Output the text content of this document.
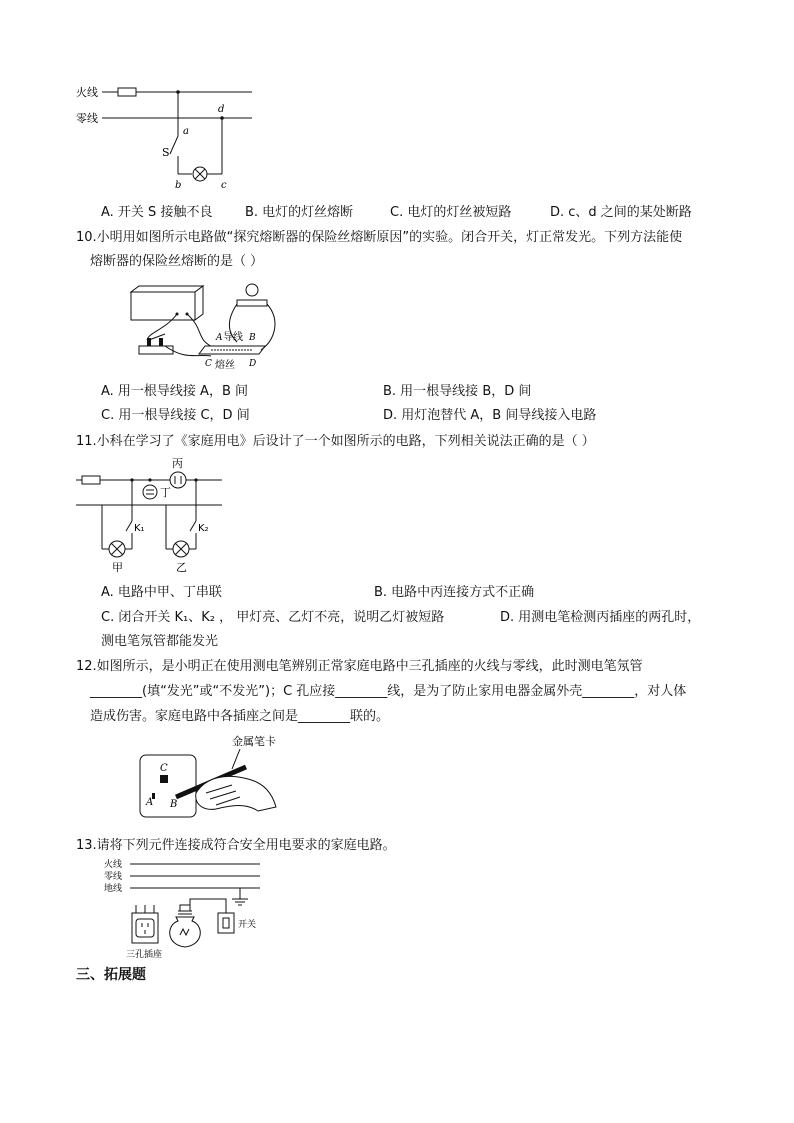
火线
零线
a
d
S
b	c
A. 开关 S 接触不良	B. 电灯的灯丝熔断	C. 电灯的灯丝被短路	D. c、d 之间的某处断路
10.小明用如图所示电路做“探究熔断器的保险丝熔断原因”的实验。闭合开关，灯正常发光。下列方法能使
熔断器的保险丝熔断的是（ ）
A 导线 B
C 熔丝 D
A. 用一根导线接 A，B 间	B. 用一根导线接 B，D 间
C. 用一根导线接 C，D 间	D. 用灯泡替代 A，B 间导线接入电路
11.小科在学习了《家庭用电》后设计了一个如图所示的电路，下列相关说法正确的是（ ）
丙
丁
K₁
甲
K₂
乙
A. 电路中甲、丁串联	B. 电路中丙连接方式不正确
C. 闭合开关 K₁、K₂ ， 甲灯亮、乙灯不亮，说明乙灯被短路	D. 用测电笔检测丙插座的两孔时，
测电笔氖管都能发光
12.如图所示，是小明正在使用测电笔辨别正常家庭电路中三孔插座的火线与零线，此时测电笔氖管
________(填“发光”或“不发光”)；C 孔应接________线，是为了防止家用电器金属外壳________，对人体
造成伤害。家庭电路中各插座之间是________联的。
金属笔卡
C
A B
13.请将下列元件连接成符合安全用电要求的家庭电路。
火线
零线
地线
三孔插座
开关
三、拓展题
